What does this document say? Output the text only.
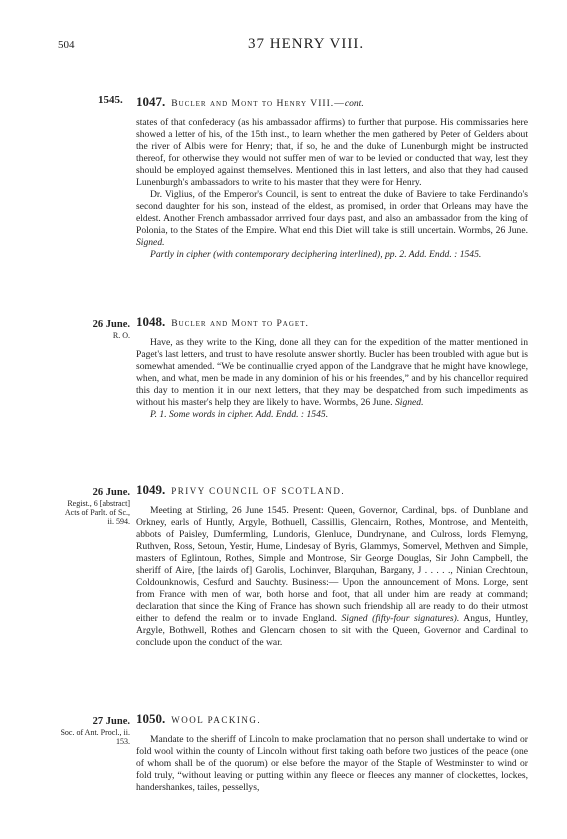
504	37 HENRY VIII.
1545. 1047. Bucler and Mont to Henry VIII.—cont.

states of that confederacy (as his ambassador affirms) to further that purpose. His commissaries here showed a letter of his, of the 15th inst., to learn whether the men gathered by Peter of Gelders about the river of Albis were for Henry; that, if so, he and the duke of Lunenburgh might be instructed thereof, for otherwise they would not suffer men of war to be levied or conducted that way, lest they should be employed against themselves. Mentioned this in last letters, and also that they had caused Lunenburgh's ambassadors to write to his master that they were for Henry.

Dr. Viglius, of the Emperor's Council, is sent to entreat the duke of Baviere to take Ferdinando's second daughter for his son, instead of the eldest, as promised, in order that Orleans may have the eldest. Another French ambassador arrrived four days past, and also an ambassador from the king of Polonia, to the States of the Empire. What end this Diet will take is still uncertain. Wormbs, 26 June. Signed.

Partly in cipher (with contemporary deciphering interlined), pp. 2. Add. Endd. : 1545.

26 June.
R. O.
1048. Bucler and Mont to Paget.

Have, as they write to the King, done all they can for the expedition of the matter mentioned in Paget's last letters, and trust to have resolute answer shortly. Bucler has been troubled with ague but is somewhat amended. “We be continuallie cryed appon of the Landgrave that he might have knowlege, when, and what, men be made in any dominion of his or his freendes,” and by his chancellor required this day to mention it in our next letters, that they may be despatched from such impediments as without his master's help they are likely to have. Wormbs, 26 June. Signed.

P. 1. Some words in cipher. Add. Endd. : 1545.

26 June.
Regist., 6 [abstract] Acts of Parlt. of Sc., ii. 594.
1049. PRIVY COUNCIL OF SCOTLAND.

Meeting at Stirling, 26 June 1545. Present: Queen, Governor, Cardinal, bps. of Dunblane and Orkney, earls of Huntly, Argyle, Bothuell, Cassillis, Glencairn, Rothes, Montrose, and Menteith, abbots of Paisley, Dumfermling, Lundoris, Glenluce, Dundrynane, and Culross, lords Flemyng, Ruthven, Ross, Setoun, Yestir, Hume, Lindesay of Byris, Glammys, Somervel, Methven and Simple, masters of Eglintoun, Rothes, Simple and Montrose, Sir George Douglas, Sir John Campbell, the sheriff of Aire, [the lairds of] Garolis, Lochinver, Blarquhan, Bargany, J . . . . ., Ninian Crechtoun, Coldounknowis, Cesfurd and Sauchty. Business:— Upon the announcement of Mons. Lorge, sent from France with men of war, both horse and foot, that all under him are ready at command; declaration that since the King of France has shown such friendship all are ready to do their utmost either to defend the realm or to invade England. Signed (fifty-four signatures). Angus, Huntley, Argyle, Bothwell, Rothes and Glencarn chosen to sit with the Queen, Governor and Cardinal to conclude upon the conduct of the war.

27 June.
Soc. of Ant. Procl., ii. 153.
1050. WOOL PACKING.

Mandate to the sheriff of Lincoln to make proclamation that no person shall undertake to wind or fold wool within the county of Lincoln without first taking oath before two justices of the peace (one of whom shall be of the quorum) or else before the mayor of the Staple of Westminster to wind or fold truly, “without leaving or putting within any fleece or fleeces any manner of clockettes, lockes, handershankes, tailes, pessellys,
